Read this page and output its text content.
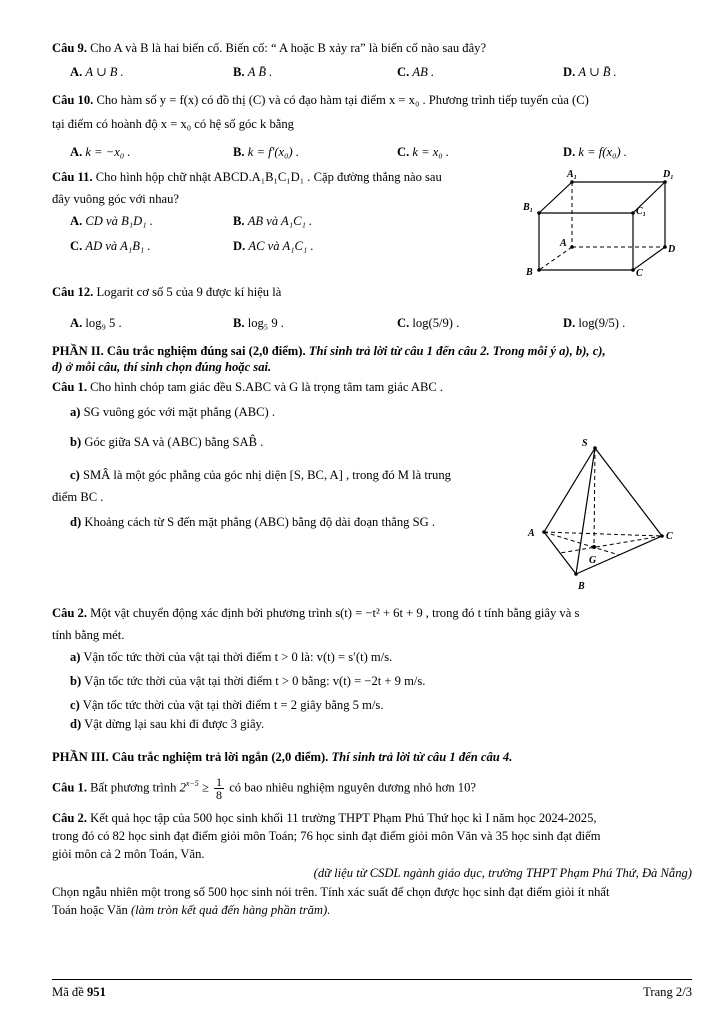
Câu 9. Cho A và B là hai biến cố. Biến cố: “ A hoặc B xảy ra” là biến cố nào sau đây?
A. A ∪ B .	B. A B̄ .	C. AB .	D. A ∪ B̄ .
Câu 10. Cho hàm số y = f(x) có đồ thị (C) và có đạo hàm tại điểm x = x₀ . Phương trình tiếp tuyến của (C)
tại điểm có hoành độ x = x₀ có hệ số góc k bằng
A. k = −x₀ .	B. k = f′(x₀) .	C. k = x₀ .	D. k = f(x₀) .
Câu 11. Cho hình hộp chữ nhật ABCD.A₁B₁C₁D₁ . Cặp đường thẳng nào sau
đây vuông góc với nhau?
A. CD và B₁D₁ .	B. AB và A₁C₁ .
C. AD và A₁B₁ .	D. AC và A₁C₁ .
A₁	D₁
B₁	C₁
A
D
B	C
Câu 12. Logarit cơ số 5 của 9 được kí hiệu là
A. log₉ 5 .	B. log₅ 9 .	C. log(5/9) .	D. log(9/5) .
PHẦN II. Câu trắc nghiệm đúng sai (2,0 điểm). Thí sinh trả lời từ câu 1 đến câu 2. Trong mỗi ý a), b), c),
d) ở mỗi câu, thí sinh chọn đúng hoặc sai.
Câu 1. Cho hình chóp tam giác đều S.ABC và G là trọng tâm tam giác ABC .
a) SG vuông góc với mặt phẳng (ABC) .
b) Góc giữa SA và (ABC) bằng SAB̂ .
c) SMÂ là một góc phẳng của góc nhị diện [S, BC, A] , trong đó M là trung
điểm BC .
d) Khoảng cách từ S đến mặt phẳng (ABC) bằng độ dài đoạn thẳng SG .
S
A	C
G
B
Câu 2. Một vật chuyển động xác định bởi phương trình s(t) = −t² + 6t + 9 , trong đó t tính bằng giây và s
tính bằng mét.
a) Vận tốc tức thời của vật tại thời điểm t > 0 là: v(t) = s′(t) m/s.
b) Vận tốc tức thời của vật tại thời điểm t > 0 bằng: v(t) = −2t + 9 m/s.
c) Vận tốc tức thời của vật tại thời điểm t = 2 giây bằng 5 m/s.
d) Vật dừng lại sau khi đi được 3 giây.
PHẦN III. Câu trắc nghiệm trả lời ngắn (2,0 điểm). Thí sinh trả lời từ câu 1 đến câu 4.
Câu 1. Bất phương trình $2^{x-5} \ge \frac{1}{8}$ có bao nhiêu nghiệm nguyên dương nhỏ hơn 10?
Câu 2. Kết quả học tập của 500 học sinh khối 11 trường THPT Phạm Phú Thứ học kì I năm học 2024-2025,
trong đó có 82 học sinh đạt điểm giỏi môn Toán; 76 học sinh đạt điểm giỏi môn Văn và 35 học sinh đạt điểm
giỏi môn cả 2 môn Toán, Văn.
(dữ liệu từ CSDL ngành giáo dục, trường THPT Phạm Phú Thứ, Đà Nẵng)
Chọn ngẫu nhiên một trong số 500 học sinh nói trên. Tính xác suất để chọn được học sinh đạt điểm giỏi ít nhất
Toán hoặc Văn (làm tròn kết quả đến hàng phần trăm).
Mã đề 951	Trang 2/3
